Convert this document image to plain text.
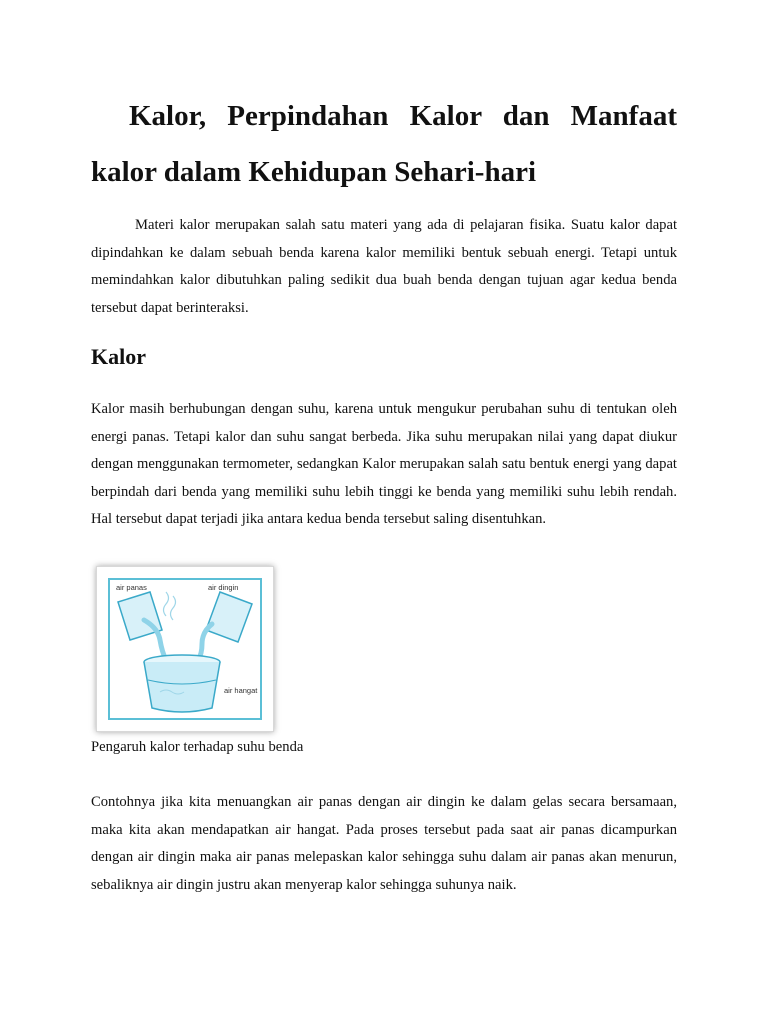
Kalor, Perpindahan Kalor dan Manfaat kalor dalam Kehidupan Sehari-hari

Materi kalor merupakan salah satu materi yang ada di pelajaran fisika. Suatu kalor dapat dipindahkan ke dalam sebuah benda karena kalor memiliki bentuk sebuah energi. Tetapi untuk memindahkan kalor dibutuhkan paling sedikit dua buah benda dengan tujuan agar kedua benda tersebut dapat berinteraksi.

Kalor

Kalor masih berhubungan dengan suhu, karena untuk mengukur perubahan suhu di tentukan oleh energi panas. Tetapi kalor dan suhu sangat berbeda. Jika suhu merupakan nilai yang dapat diukur dengan menggunakan termometer, sedangkan Kalor merupakan salah satu bentuk energi yang dapat berpindah dari benda yang memiliki suhu lebih tinggi ke benda yang memiliki suhu lebih rendah. Hal tersebut dapat terjadi jika antara kedua benda tersebut saling disentuhkan.

air panas	air dingin
air hangat

Pengaruh kalor terhadap suhu benda

Contohnya jika kita menuangkan air panas dengan air dingin ke dalam gelas secara bersamaan, maka kita akan mendapatkan air hangat. Pada proses tersebut pada saat air panas dicampurkan dengan air dingin maka air panas melepaskan kalor sehingga suhu dalam air panas akan menurun, sebaliknya air dingin justru akan menyerap kalor sehingga suhunya naik.
